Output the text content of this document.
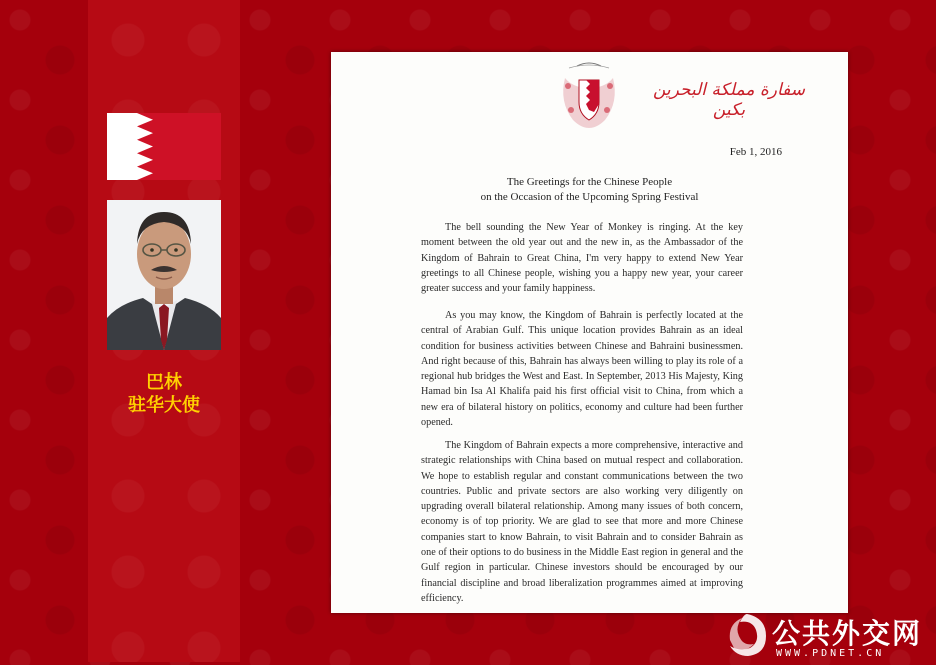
巴林
驻华大使
سفارة مملكة البحرين
بكين
Feb 1, 2016
The Greetings for the Chinese People
on the Occasion of the Upcoming Spring Festival

The bell sounding the New Year of Monkey is ringing. At the key moment between the old year out and the new in, as the Ambassador of the Kingdom of Bahrain to Great China, I'm very happy to extend New Year greetings to all Chinese people, wishing you a happy new year, your career greater success and your family happiness.

As you may know, the Kingdom of Bahrain is perfectly located at the central of Arabian Gulf. This unique location provides Bahrain as an ideal condition for business activities between Chinese and Bahraini businessmen. And right because of this, Bahrain has always been willing to play its role of a regional hub bridges the West and East. In September, 2013 His Majesty, King Hamad bin Isa Al Khalifa paid his first official visit to China, from which a new era of bilateral history on politics, economy and culture had been further opened.

The Kingdom of Bahrain expects a more comprehensive, interactive and strategic relationships with China based on mutual respect and collaboration. We hope to establish regular and constant communications between the two countries. Public and private sectors are also working very diligently on upgrading overall bilateral relationship. Among many issues of both concern, economy is of top priority. We are glad to see that more and more Chinese companies start to know Bahrain, to visit Bahrain and to consider Bahrain as one of their options to do business in the Middle East region in general and the Gulf region in particular. Chinese investors should be encouraged by our financial discipline and broad liberalization programmes aimed at improving efficiency.

公共外交网
WWW.PDNET.CN
